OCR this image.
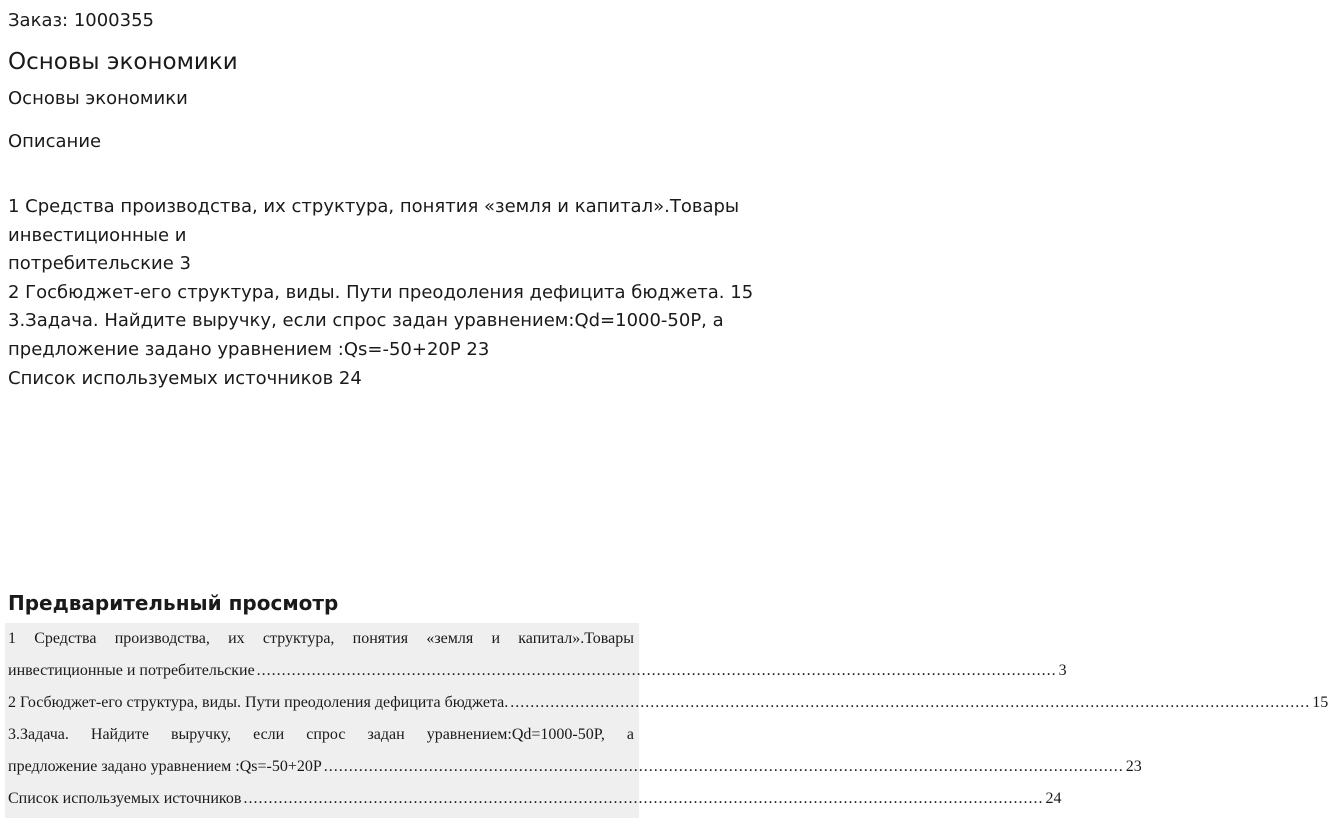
Заказ: 1000355
Основы экономики
Основы экономики
Описание
1 Средства производства, их структура, понятия «земля и капитал».Товары
инвестиционные и
потребительские 3
2 Госбюджет-его структура, виды. Пути преодоления дефицита бюджета. 15
3.Задача. Найдите выручку, если спрос задан уравнением:Qd=1000-50P, а
предложение задано уравнением :Qs=-50+20P 23
Список используемых источников 24
Предварительный просмотр
1 Средства производства, их структура, понятия «земля и капитал».Товары
инвестиционные и потребительские ................................................................................................................................................................ 3
2 Госбюджет-его структура, виды. Пути преодоления дефицита бюджета. ................................................................................................................................................................ 15
3.Задача. Найдите выручку, если спрос задан уравнением:Qd=1000-50P, а
предложение задано уравнением :Qs=-50+20P ................................................................................................................................................................ 23
Список используемых источников ................................................................................................................................................................ 24
